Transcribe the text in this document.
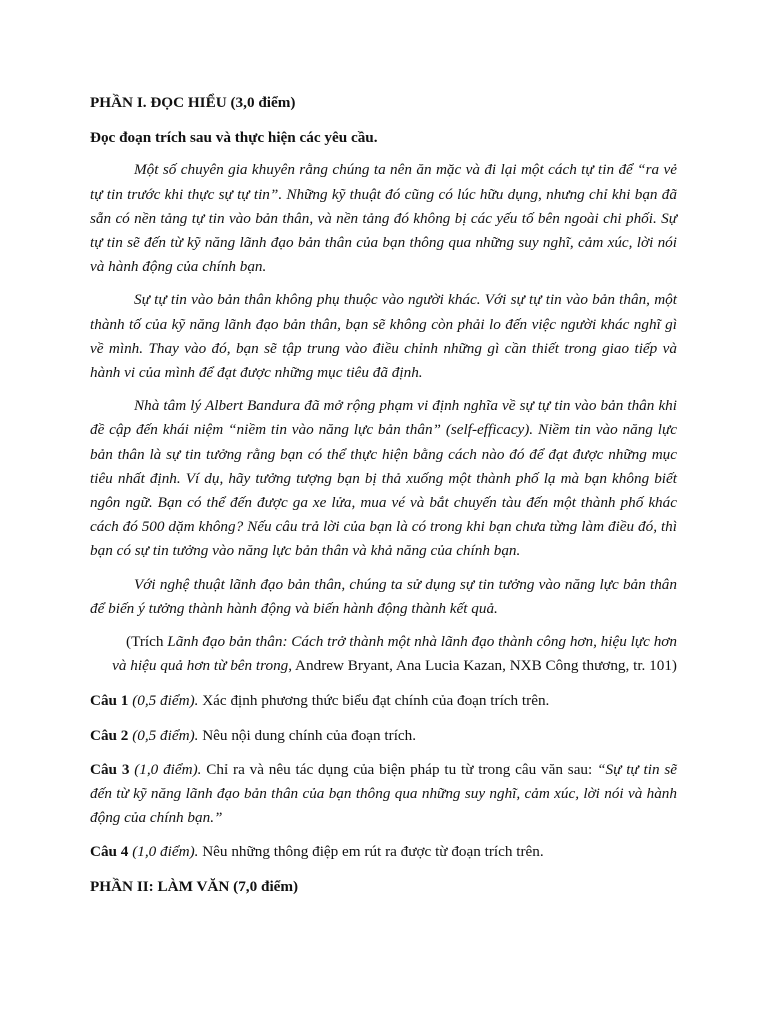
PHẦN I. ĐỌC HIỂU (3,0 điểm)

Đọc đoạn trích sau và thực hiện các yêu cầu.

Một số chuyên gia khuyên rằng chúng ta nên ăn mặc và đi lại một cách tự tin để “ra vẻ tự tin trước khi thực sự tự tin”. Những kỹ thuật đó cũng có lúc hữu dụng, nhưng chỉ khi bạn đã sẵn có nền tảng tự tin vào bản thân, và nền tảng đó không bị các yếu tố bên ngoài chi phối. Sự tự tin sẽ đến từ kỹ năng lãnh đạo bản thân của bạn thông qua những suy nghĩ, cảm xúc, lời nói và hành động của chính bạn.

Sự tự tin vào bản thân không phụ thuộc vào người khác. Với sự tự tin vào bản thân, một thành tố của kỹ năng lãnh đạo bản thân, bạn sẽ không còn phải lo đến việc người khác nghĩ gì về mình. Thay vào đó, bạn sẽ tập trung vào điều chỉnh những gì cần thiết trong giao tiếp và hành vi của mình để đạt được những mục tiêu đã định.

Nhà tâm lý Albert Bandura đã mở rộng phạm vi định nghĩa về sự tự tin vào bản thân khi đề cập đến khái niệm “niềm tin vào năng lực bản thân” (self-efficacy). Niềm tin vào năng lực bản thân là sự tin tưởng rằng bạn có thể thực hiện bằng cách nào đó để đạt được những mục tiêu nhất định. Ví dụ, hãy tưởng tượng bạn bị thả xuống một thành phố lạ mà bạn không biết ngôn ngữ. Bạn có thể đến được ga xe lửa, mua vé và bắt chuyến tàu đến một thành phố khác cách đó 500 dặm không? Nếu câu trả lời của bạn là có trong khi bạn chưa từng làm điều đó, thì bạn có sự tin tưởng vào năng lực bản thân và khả năng của chính bạn.

Với nghệ thuật lãnh đạo bản thân, chúng ta sử dụng sự tin tưởng vào năng lực bản thân để biến ý tưởng thành hành động và biến hành động thành kết quả.

(Trích Lãnh đạo bản thân: Cách trở thành một nhà lãnh đạo thành công hơn, hiệu lực hơn và hiệu quả hơn từ bên trong, Andrew Bryant, Ana Lucia Kazan, NXB Công thương, tr. 101)

Câu 1 (0,5 điểm). Xác định phương thức biểu đạt chính của đoạn trích trên.

Câu 2 (0,5 điểm). Nêu nội dung chính của đoạn trích.

Câu 3 (1,0 điểm). Chỉ ra và nêu tác dụng của biện pháp tu từ trong câu văn sau: “Sự tự tin sẽ đến từ kỹ năng lãnh đạo bản thân của bạn thông qua những suy nghĩ, cảm xúc, lời nói và hành động của chính bạn.”

Câu 4 (1,0 điểm). Nêu những thông điệp em rút ra được từ đoạn trích trên.

PHẦN II: LÀM VĂN (7,0 điểm)
